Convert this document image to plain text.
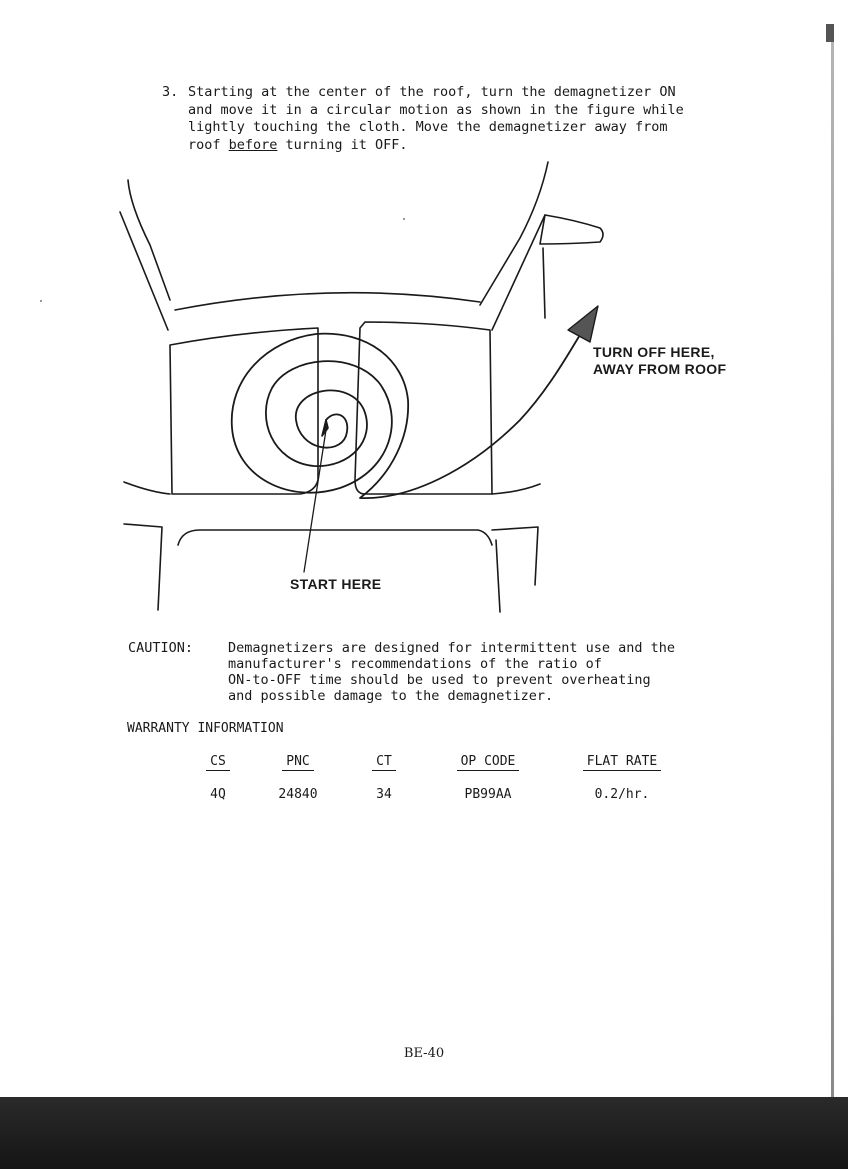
3. Starting at the center of the roof, turn the demagnetizer ON
and move it in a circular motion as shown in the figure while
lightly touching the cloth. Move the demagnetizer away from
roof before turning it OFF.
TURN OFF HERE,
AWAY FROM ROOF
START HERE
CAUTION:	Demagnetizers are designed for intermittent use and the
manufacturer's recommendations of the ratio of
ON-to-OFF time should be used to prevent overheating
and possible damage to the demagnetizer.
WARRANTY INFORMATION
CS
4Q
PNC
24840
CT
34
OP CODE
PB99AA
FLAT RATE
0.2/hr.
BE-40
